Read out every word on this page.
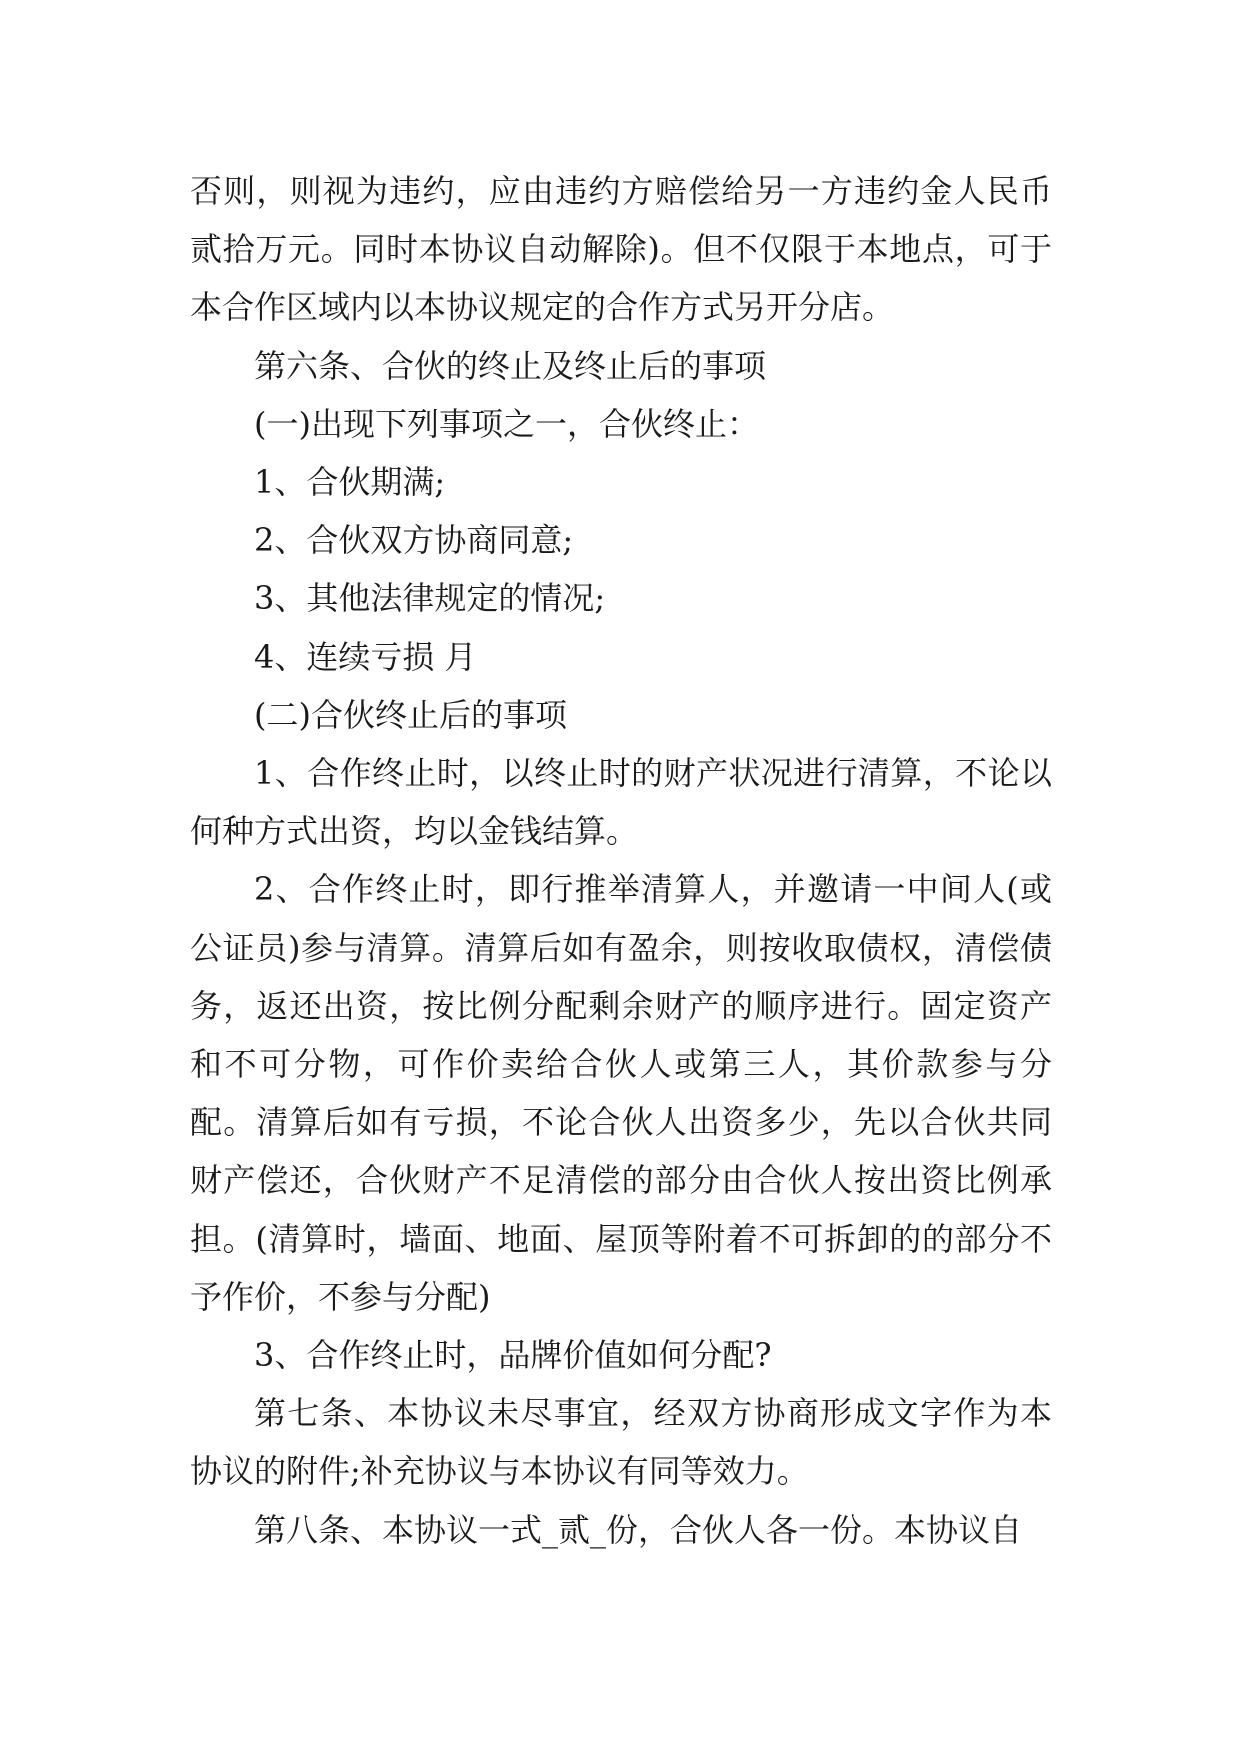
否则，则视为违约，应由违约方赔偿给另一方违约金人民币贰拾万元。同时本协议自动解除)。但不仅限于本地点，可于本合作区域内以本协议规定的合作方式另开分店。

第六条、合伙的终止及终止后的事项

(一)出现下列事项之一，合伙终止：

1、合伙期满;

2、合伙双方协商同意;

3、其他法律规定的情况;

4、连续亏损 月

(二)合伙终止后的事项

1、合作终止时，以终止时的财产状况进行清算，不论以何种方式出资，均以金钱结算。

2、合作终止时，即行推举清算人，并邀请一中间人(或公证员)参与清算。清算后如有盈余，则按收取债权，清偿债务，返还出资，按比例分配剩余财产的顺序进行。固定资产和不可分物，可作价卖给合伙人或第三人，其价款参与分配。清算后如有亏损，不论合伙人出资多少，先以合伙共同财产偿还，合伙财产不足清偿的部分由合伙人按出资比例承担。(清算时，墙面、地面、屋顶等附着不可拆卸的的部分不予作价，不参与分配)

3、合作终止时，品牌价值如何分配?

第七条、本协议未尽事宜，经双方协商形成文字作为本协议的附件;补充协议与本协议有同等效力。

第八条、本协议一式_贰_份，合伙人各一份。本协议自
